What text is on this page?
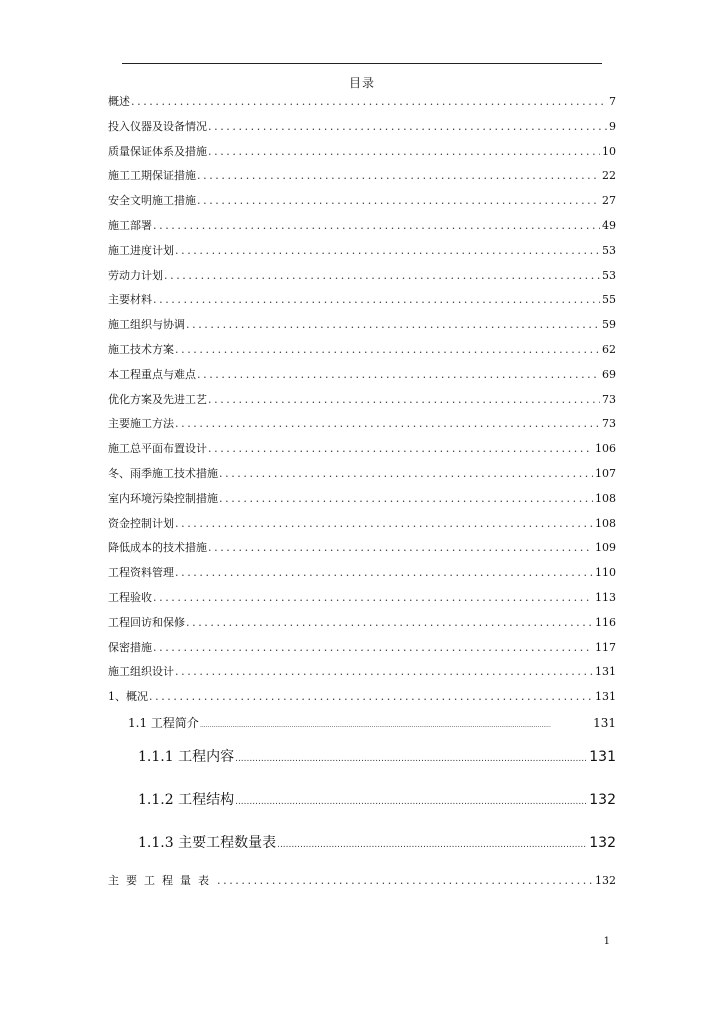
目录
概述 .....	7
投入仪器及设备情况 .....	9
质量保证体系及措施 .....	10
施工工期保证措施 .....	22
安全文明施工措施 .....	27
施工部署 .....	49
施工进度计划 .....	53
劳动力计划 .....	53
主要材料 .....	55
施工组织与协调 .....	59
施工技术方案 .....	62
本工程重点与难点 .....	69
优化方案及先进工艺 .....	73
主要施工方法 .....	73
施工总平面布置设计 .....	106
冬、雨季施工技术措施 .....	107
室内环境污染控制措施 .....	108
资金控制计划 .....	108
降低成本的技术措施 .....	109
工程资料管理 .....	110
工程验收 .....	113
工程回访和保修 .....	116
保密措施 .....	117
施工组织设计 .....	131
1、概况 .....	131
1.1 工程简介 .....	131
1.1.1 工程内容 .....	131
1.1.2 工程结构 .....	132
1.1.3 主要工程数量表 .....	132
主要工程量表 .....	132
1
